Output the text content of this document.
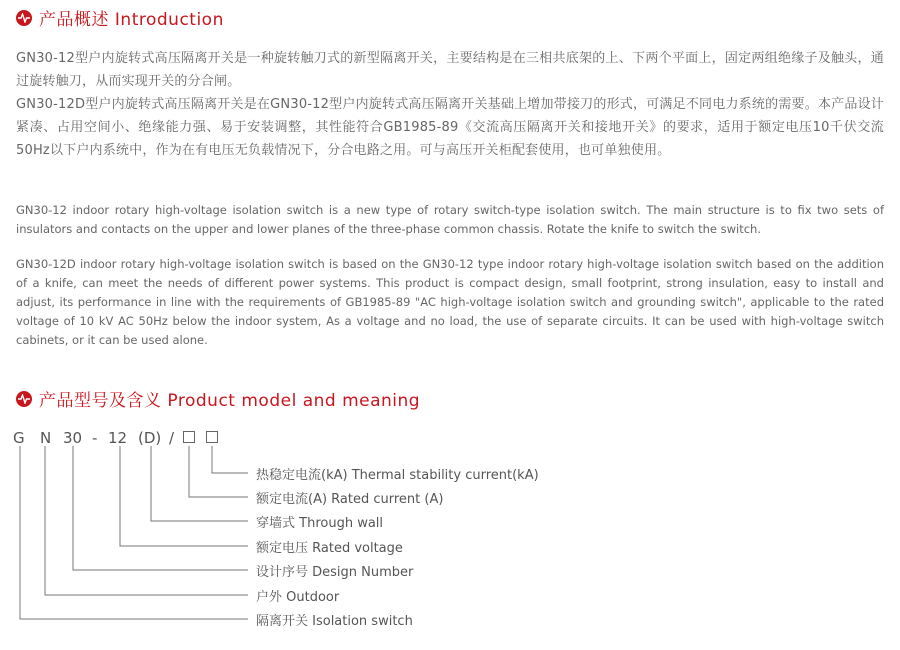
产品概述 Introduction

GN30-12型户内旋转式高压隔离开关是一种旋转触刀式的新型隔离开关，主要结构是在三相共底架的上、下两个平面上，固定两组绝缘子及触头，通过旋转触刀，从而实现开关的分合闸。

GN30-12D型户内旋转式高压隔离开关是在GN30-12型户内旋转式高压隔离开关基础上增加带接刀的形式，可满足不同电力系统的需要。本产品设计紧凑、占用空间小、绝缘能力强、易于安装调整，其性能符合GB1985-89《交流高压隔离开关和接地开关》的要求，适用于额定电压10千伏交流50Hz以下户内系统中，作为在有电压无负载情况下，分合电路之用。可与高压开关柜配套使用，也可单独使用。

GN30-12 indoor rotary high-voltage isolation switch is a new type of rotary switch-type isolation switch. The main structure is to fix two sets of insulators and contacts on the upper and lower planes of the three-phase common chassis. Rotate the knife to switch the switch.

GN30-12D indoor rotary high-voltage isolation switch is based on the GN30-12 type indoor rotary high-voltage isolation switch based on the addition of a knife, can meet the needs of different power systems. This product is compact design, small footprint, strong insulation, easy to install and adjust, its performance in line with the requirements of GB1985-89 "AC high-voltage isolation switch and grounding switch", applicable to the rated voltage of 10 kV AC 50Hz below the indoor system, As a voltage and no load, the use of separate circuits. It can be used with high-voltage switch cabinets, or it can be used alone.

产品型号及含义 Product model and meaning
G N 30 - 12 (D) /
热稳定电流(kA) Thermal stability current(kA)
额定电流(A) Rated current (A)
穿墙式 Through wall
额定电压 Rated voltage
设计序号 Design Number
户外 Outdoor
隔离开关 Isolation switch
